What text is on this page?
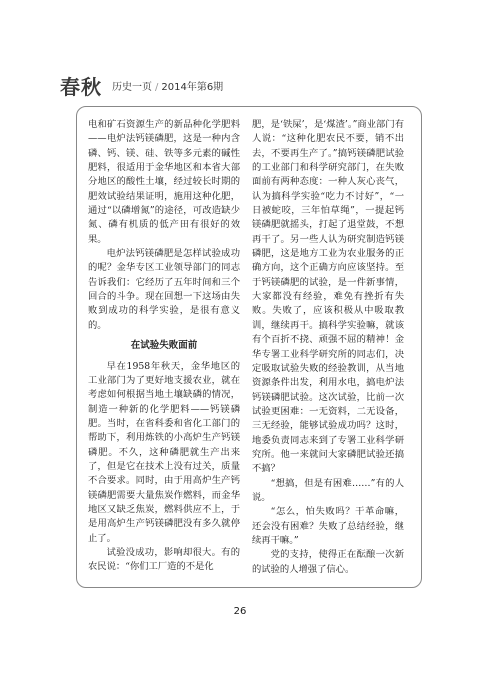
春秋 历史一页 / 2014年第6期

电和矿石资源生产的新品种化学肥料——电炉法钙镁磷肥，这是一种内含磷、钙、镁、硅、铁等多元素的碱性肥料，很适用于金华地区和本省大部分地区的酸性土壤，经过较长时期的肥效试验结果证明，施用这种化肥，通过“以磷增氮”的途径，可改造缺少氮、磷有机质的低产田有很好的效果。

电炉法钙镁磷肥是怎样试验成功的呢？金华专区工业领导部门的同志告诉我们：它经历了五年时间和三个回合的斗争。现在回想一下这场由失败到成功的科学实验，是很有意义的。

在试验失败面前

早在1958年秋天，金华地区的工业部门为了更好地支援农业，就在考虑如何根据当地土壤缺磷的情况，制造一种新的化学肥料——钙镁磷肥。当时，在省科委和省化工部门的帮助下，利用炼铁的小高炉生产钙镁磷肥。不久，这种磷肥就生产出来了，但是它在技术上没有过关，质量不合要求。同时，由于用高炉生产钙镁磷肥需要大量焦炭作燃料，而金华地区又缺乏焦炭，燃料供应不上，于是用高炉生产钙镁磷肥没有多久就停止了。

试验没成功，影响却很大。有的农民说：“你们工厂造的不是化

肥，是‘铁屎’，是‘煤渣’。”商业部门有人说：“这种化肥农民不要，销不出去，不要再生产了。”搞钙镁磷肥试验的工业部门和科学研究部门，在失败面前有两种态度：一种人灰心丧气，认为搞科学实验“吃力不讨好”，“一日被蛇咬，三年怕草绳”，一提起钙镁磷肥就摇头，打起了退堂鼓，不想再干了。另一些人认为研究制造钙镁磷肥，这是地方工业为农业服务的正确方向，这个正确方向应该坚持。至于钙镁磷肥的试验，是一件新事情，大家都没有经验，难免有挫折有失败。失败了，应该积极从中吸取教训，继续再干。搞科学实验嘛，就该有个百折不挠、顽强不屈的精神！金华专署工业科学研究所的同志们，决定吸取试验失败的经验教训，从当地资源条件出发，利用水电，搞电炉法钙镁磷肥试验。这次试验，比前一次试验更困难：一无资料，二无设备，三无经验，能够试验成功吗？这时，地委负责同志来到了专署工业科学研究所。他一来就问大家磷肥试验还搞不搞？

“想搞，但是有困难……”有的人说。

“怎么，怕失败吗？干革命嘛，还会没有困难？失败了总结经验，继续再干嘛。”

党的支持，使得正在酝酿一次新的试验的人增强了信心。

26
